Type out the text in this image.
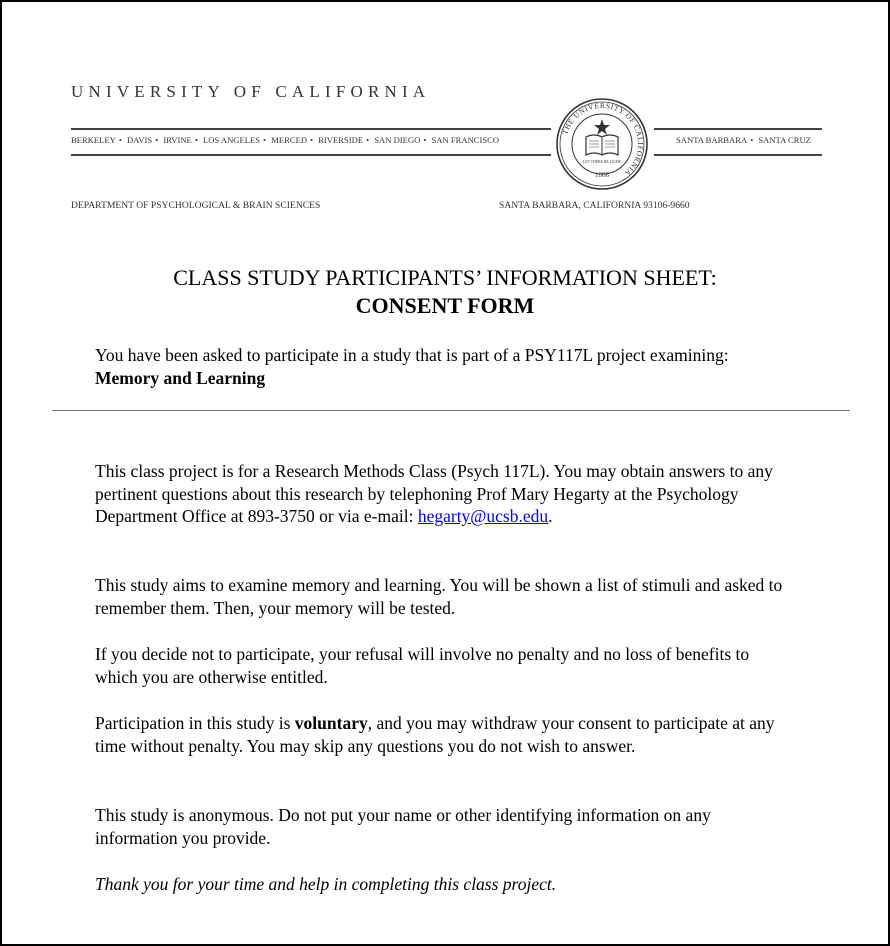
UNIVERSITY OF CALIFORNIA
BERKELEY • DAVIS • IRVINE • LOS ANGELES • MERCED • RIVERSIDE • SAN DIEGO • SAN FRANCISCO	SANTA BARBARA • SANTA CRUZ
THE UNIVERSITY OF CALIFORNIA
LET THERE BE LIGHT
1868
DEPARTMENT OF PSYCHOLOGICAL & BRAIN SCIENCES	SANTA BARBARA, CALIFORNIA 93106-9660
CLASS STUDY PARTICIPANTS’ INFORMATION SHEET:
CONSENT FORM
You have been asked to participate in a study that is part of a PSY117L project examining: Memory and Learning
This class project is for a Research Methods Class (Psych 117L). You may obtain answers to any pertinent questions about this research by telephoning Prof Mary Hegarty at the Psychology Department Office at 893-3750 or via e-mail: hegarty@ucsb.edu.
This study aims to examine memory and learning. You will be shown a list of stimuli and asked to remember them. Then, your memory will be tested.
If you decide not to participate, your refusal will involve no penalty and no loss of benefits to which you are otherwise entitled.
Participation in this study is voluntary, and you may withdraw your consent to participate at any time without penalty. You may skip any questions you do not wish to answer.
This study is anonymous. Do not put your name or other identifying information on any information you provide.
Thank you for your time and help in completing this class project.
